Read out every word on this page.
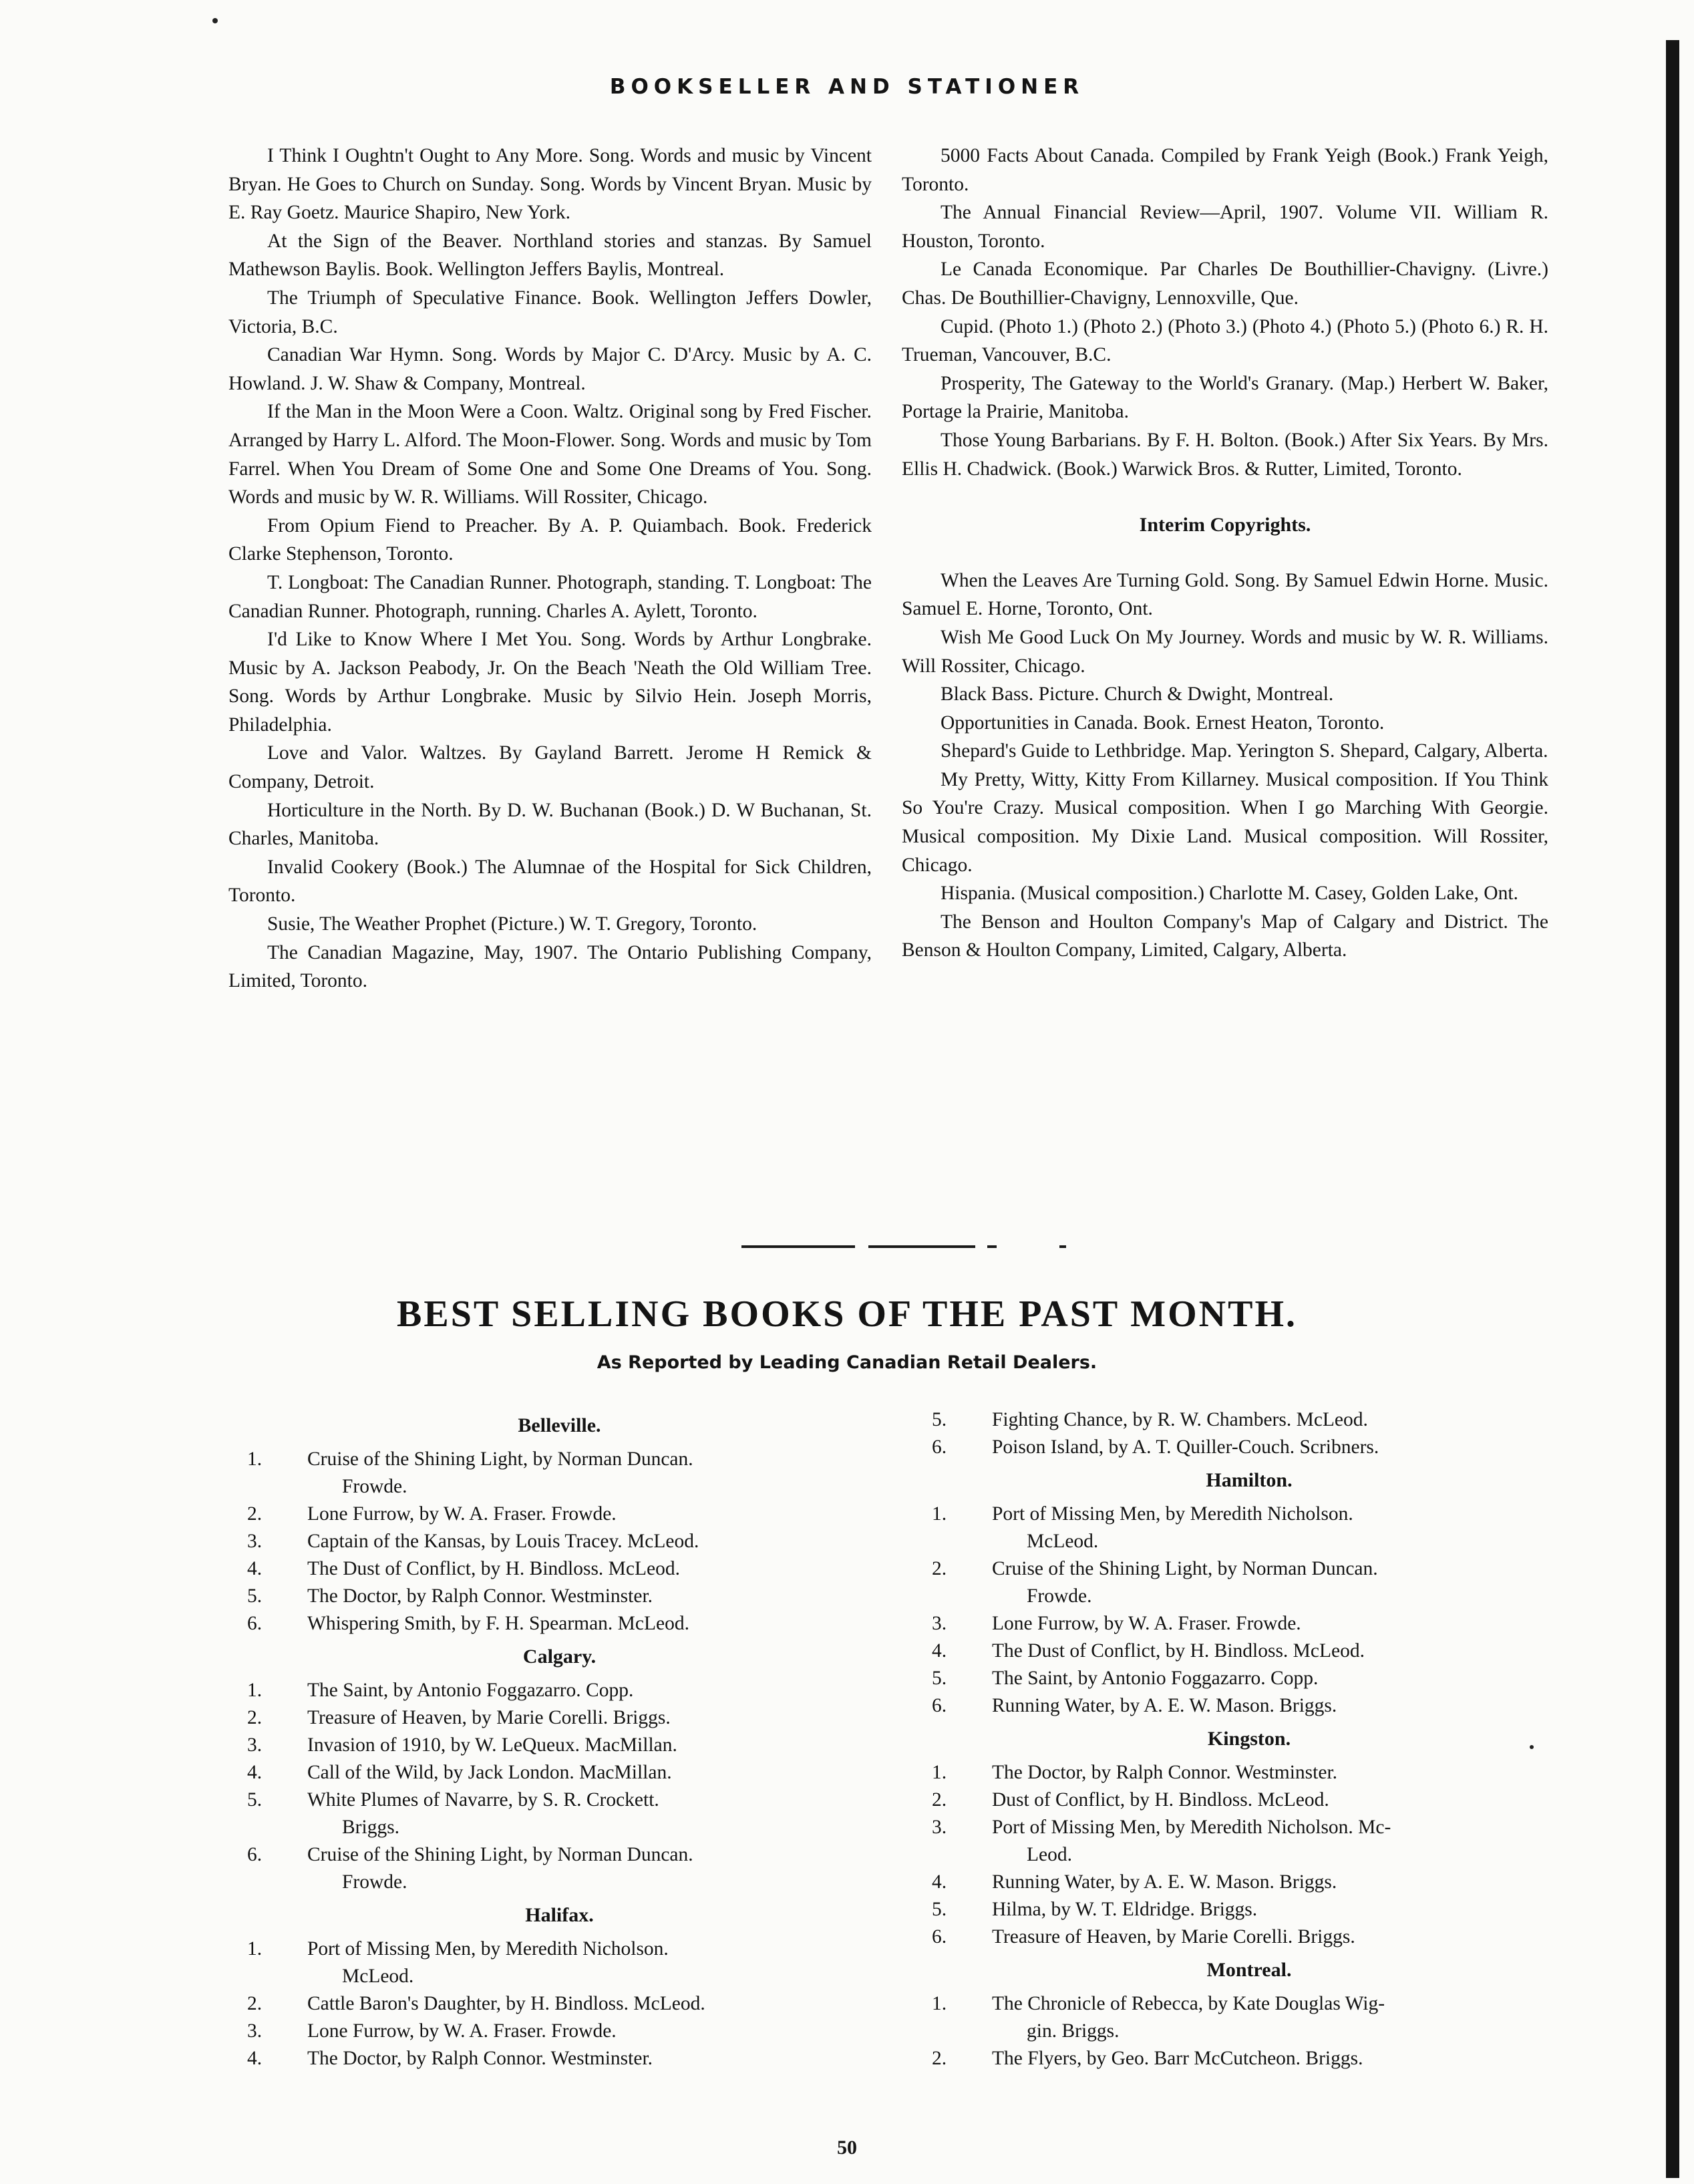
BOOKSELLER AND STATIONER

I Think I Oughtn't Ought to Any More. Song. Words and music by Vincent Bryan. He Goes to Church on Sunday. Song. Words by Vincent Bryan. Music by E. Ray Goetz. Maurice Shapiro, New York.

At the Sign of the Beaver. Northland stories and stanzas. By Samuel Mathewson Baylis. Book. Wellington Jeffers Baylis, Montreal.

The Triumph of Speculative Finance. Book. Wellington Jeffers Dowler, Victoria, B.C.

Canadian War Hymn. Song. Words by Major C. D'Arcy. Music by A. C. Howland. J. W. Shaw & Company, Montreal.

If the Man in the Moon Were a Coon. Waltz. Original song by Fred Fischer. Arranged by Harry L. Alford. The Moon-Flower. Song. Words and music by Tom Farrel. When You Dream of Some One and Some One Dreams of You. Song. Words and music by W. R. Williams. Will Rossiter, Chicago.

From Opium Fiend to Preacher. By A. P. Quiambach. Book. Frederick Clarke Stephenson, Toronto.

T. Longboat: The Canadian Runner. Photograph, standing. T. Longboat: The Canadian Runner. Photograph, running. Charles A. Aylett, Toronto.

I'd Like to Know Where I Met You. Song. Words by Arthur Longbrake. Music by A. Jackson Peabody, Jr. On the Beach 'Neath the Old William Tree. Song. Words by Arthur Longbrake. Music by Silvio Hein. Joseph Morris, Philadelphia.

Love and Valor. Waltzes. By Gayland Barrett. Jerome H Remick & Company, Detroit.

Horticulture in the North. By D. W. Buchanan (Book.) D. W Buchanan, St. Charles, Manitoba.

Invalid Cookery (Book.) The Alumnae of the Hospital for Sick Children, Toronto.

Susie, The Weather Prophet (Picture.) W. T. Gregory, Toronto.

The Canadian Magazine, May, 1907. The Ontario Publishing Company, Limited, Toronto.

5000 Facts About Canada. Compiled by Frank Yeigh (Book.) Frank Yeigh, Toronto.

The Annual Financial Review—April, 1907. Volume VII. William R. Houston, Toronto.

Le Canada Economique. Par Charles De Bouthillier-Chavigny. (Livre.) Chas. De Bouthillier-Chavigny, Lennoxville, Que.

Cupid. (Photo 1.) (Photo 2.) (Photo 3.) (Photo 4.) (Photo 5.) (Photo 6.) R. H. Trueman, Vancouver, B.C.

Prosperity, The Gateway to the World's Granary. (Map.) Herbert W. Baker, Portage la Prairie, Manitoba.

Those Young Barbarians. By F. H. Bolton. (Book.) After Six Years. By Mrs. Ellis H. Chadwick. (Book.) Warwick Bros. & Rutter, Limited, Toronto.

Interim Copyrights.

When the Leaves Are Turning Gold. Song. By Samuel Edwin Horne. Music. Samuel E. Horne, Toronto, Ont.

Wish Me Good Luck On My Journey. Words and music by W. R. Williams. Will Rossiter, Chicago.

Black Bass. Picture. Church & Dwight, Montreal.

Opportunities in Canada. Book. Ernest Heaton, Toronto.

Shepard's Guide to Lethbridge. Map. Yerington S. Shepard, Calgary, Alberta.

My Pretty, Witty, Kitty From Killarney. Musical composition. If You Think So You're Crazy. Musical composition. When I go Marching With Georgie. Musical composition. My Dixie Land. Musical composition. Will Rossiter, Chicago.

Hispania. (Musical composition.) Charlotte M. Casey, Golden Lake, Ont.

The Benson and Houlton Company's Map of Calgary and District. The Benson & Houlton Company, Limited, Calgary, Alberta.

BEST SELLING BOOKS OF THE PAST MONTH.
As Reported by Leading Canadian Retail Dealers.
Belleville.
1.	Cruise of the Shining Light, by Norman Duncan.
Frowde.
2.	Lone Furrow, by W. A. Fraser. Frowde.
3.	Captain of the Kansas, by Louis Tracey. McLeod.
4.	The Dust of Conflict, by H. Bindloss. McLeod.
5.	The Doctor, by Ralph Connor. Westminster.
6.	Whispering Smith, by F. H. Spearman. McLeod.
Calgary.
1.	The Saint, by Antonio Foggazarro. Copp.
2.	Treasure of Heaven, by Marie Corelli. Briggs.
3.	Invasion of 1910, by W. LeQueux. MacMillan.
4.	Call of the Wild, by Jack London. MacMillan.
5.	White Plumes of Navarre, by S. R. Crockett.
Briggs.
6.	Cruise of the Shining Light, by Norman Duncan.
Frowde.
Halifax.
1.	Port of Missing Men, by Meredith Nicholson.
McLeod.
2.	Cattle Baron's Daughter, by H. Bindloss. McLeod.
3.	Lone Furrow, by W. A. Fraser. Frowde.
4.	The Doctor, by Ralph Connor. Westminster.
5.	Fighting Chance, by R. W. Chambers. McLeod.
6.	Poison Island, by A. T. Quiller-Couch. Scribners.
Hamilton.
1.	Port of Missing Men, by Meredith Nicholson.
McLeod.
2.	Cruise of the Shining Light, by Norman Duncan.
Frowde.
3.	Lone Furrow, by W. A. Fraser. Frowde.
4.	The Dust of Conflict, by H. Bindloss. McLeod.
5.	The Saint, by Antonio Foggazarro. Copp.
6.	Running Water, by A. E. W. Mason. Briggs.
Kingston.
1.	The Doctor, by Ralph Connor. Westminster.
2.	Dust of Conflict, by H. Bindloss. McLeod.
3.	Port of Missing Men, by Meredith Nicholson. Mc-
Leod.
4.	Running Water, by A. E. W. Mason. Briggs.
5.	Hilma, by W. T. Eldridge. Briggs.
6.	Treasure of Heaven, by Marie Corelli. Briggs.
Montreal.
1.	The Chronicle of Rebecca, by Kate Douglas Wig-
gin. Briggs.
2.	The Flyers, by Geo. Barr McCutcheon. Briggs.
50
